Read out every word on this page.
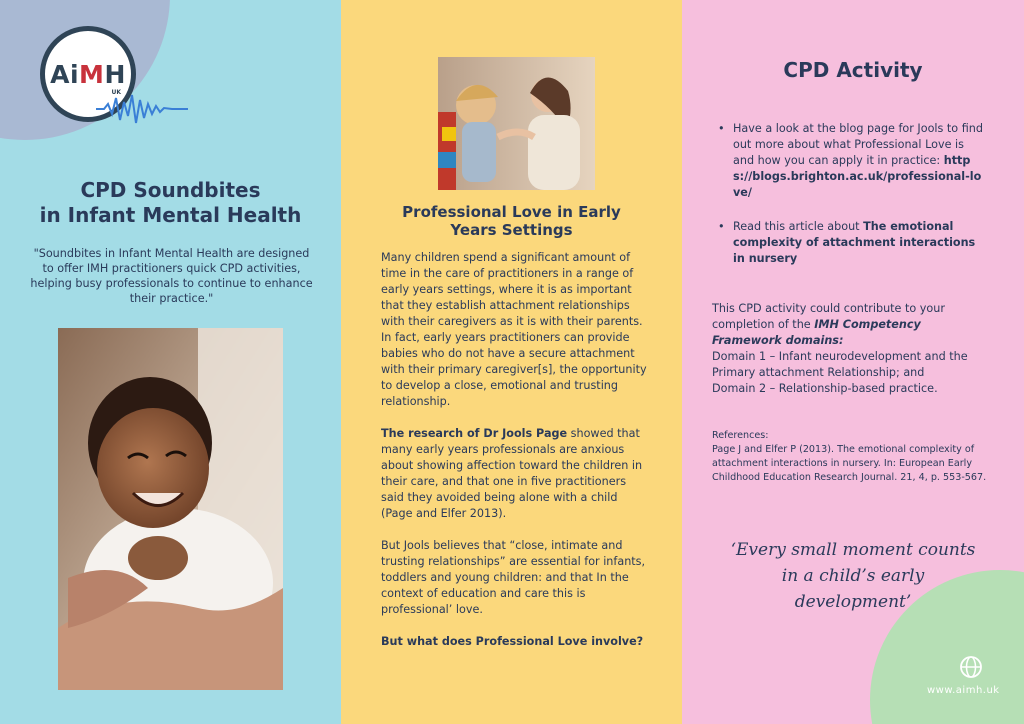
AiMH
UK
CPD Soundbites
in Infant Mental Health

"Soundbites in Infant Mental Health are designed to offer IMH practitioners quick CPD activities, helping busy professionals to continue to enhance their practice."

Professional Love in Early
Years Settings

Many children spend a significant amount of time in the care of practitioners in a range of early years settings, where it is as important that they establish attachment relationships with their caregivers as it is with their parents. In fact, early years practitioners can provide babies who do not have a secure attachment with their primary caregiver[s], the opportunity to develop a close, emotional and trusting relationship.

The research of Dr Jools Page showed that many early years professionals are anxious about showing affection toward the children in their care, and that one in five practitioners said they avoided being alone with a child (Page and Elfer 2013).

But Jools believes that “close, intimate and trusting relationships” are essential for infants, toddlers and young children: and that In the context of education and care this is professional’ love.

But what does Professional Love involve?

CPD Activity
• Have a look at the blog page for Jools to find out more about what Professional Love is and how you can apply it in practice: https://blogs.brighton.ac.uk/professional-love/
• Read this article about The emotional complexity of attachment interactions in nursery
This CPD activity could contribute to your completion of the IMH Competency Framework domains:
Domain 1 – Infant neurodevelopment and the Primary attachment Relationship; and
Domain 2 – Relationship-based practice.
References:
Page J and Elfer P (2013). The emotional complexity of attachment interactions in nursery. In: European Early Childhood Education Research Journal. 21, 4, p. 553-567.

‘Every small moment counts in a child’s early development’

www.aimh.uk
